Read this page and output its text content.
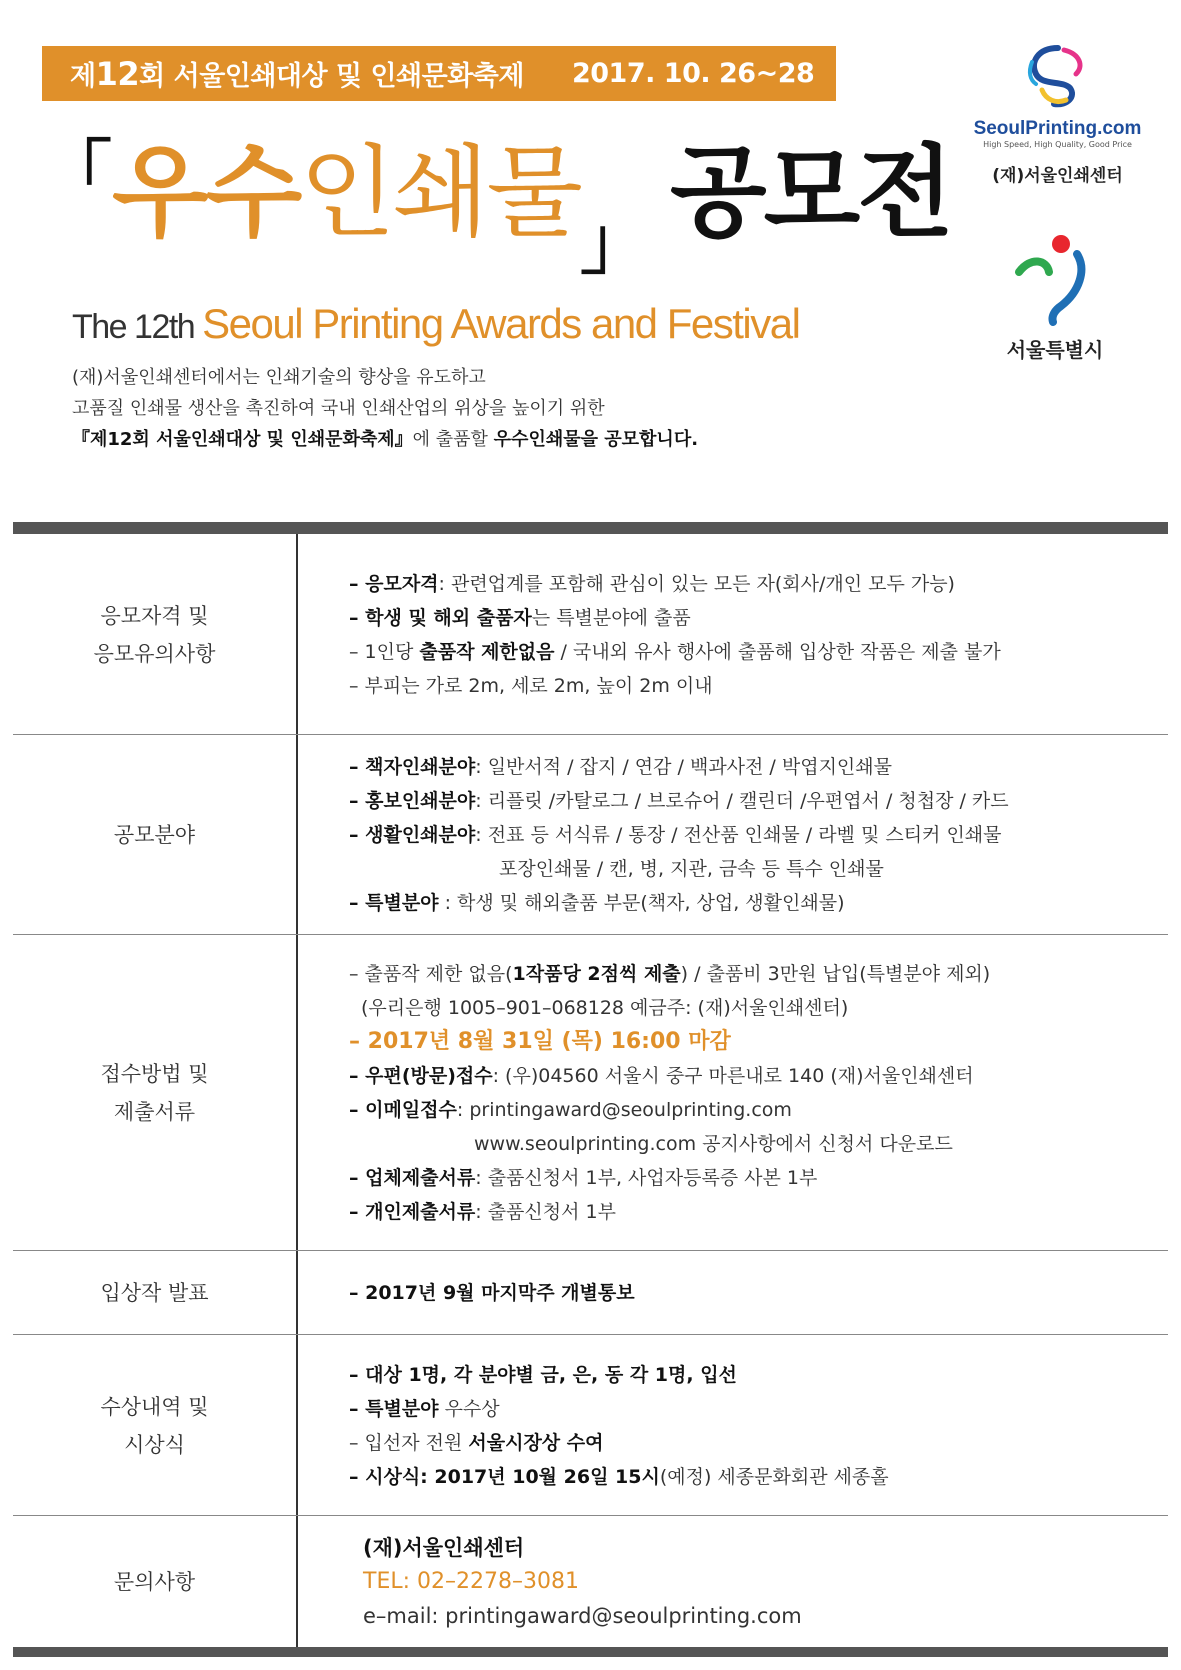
제 12 회 서울인쇄대상 및 인쇄문화축제 2017. 10. 26~28
「 우수 인쇄물 」 공모전
The 12th Seoul Printing Awards and Festival
(재)서울인쇄센터에서는 인쇄기술의 향상을 유도하고
고품질 인쇄물 생산을 촉진하여 국내 인쇄산업의 위상을 높이기 위한
『제12회 서울인쇄대상 및 인쇄문화축제』에 출품할 우수인쇄물을 공모합니다.
SeoulPrinting.com
High Speed, High Quality, Good Price
(재)서울인쇄센터
서울특별시
응모자격 및
응모유의사항
– 응모자격: 관련업계를 포함해 관심이 있는 모든 자(회사/개인 모두 가능)
– 학생 및 해외 출품자는 특별분야에 출품
– 1인당 출품작 제한없음 / 국내외 유사 행사에 출품해 입상한 작품은 제출 불가
– 부피는 가로 2m, 세로 2m, 높이 2m 이내
공모분야
– 책자인쇄분야: 일반서적 / 잡지 / 연감 / 백과사전 / 박엽지인쇄물
– 홍보인쇄분야: 리플릿 /카탈로그 / 브로슈어 / 캘린더 /우편엽서 / 청첩장 / 카드
– 생활인쇄분야: 전표 등 서식류 / 통장 / 전산품 인쇄물 / 라벨 및 스티커 인쇄물
포장인쇄물 / 캔, 병, 지관, 금속 등 특수 인쇄물
– 특별분야 : 학생 및 해외출품 부문(책자, 상업, 생활인쇄물)
접수방법 및
제출서류
– 출품작 제한 없음(1작품당 2점씩 제출) / 출품비 3만원 납입(특별분야 제외)
(우리은행 1005–901–068128 예금주: (재)서울인쇄센터)
– 2017년 8월 31일 (목) 16:00 마감
– 우편(방문)접수: (우)04560 서울시 중구 마른내로 140 (재)서울인쇄센터
– 이메일접수: printingaward@seoulprinting.com
www.seoulprinting.com 공지사항에서 신청서 다운로드
– 업체제출서류: 출품신청서 1부, 사업자등록증 사본 1부
– 개인제출서류: 출품신청서 1부
입상작 발표	– 2017년 9월 마지막주 개별통보
수상내역 및
시상식
– 대상 1명, 각 분야별 금, 은, 동 각 1명, 입선
– 특별분야 우수상
– 입선자 전원 서울시장상 수여
– 시상식: 2017년 10월 26일 15시(예정) 세종문화회관 세종홀
문의사항
(재)서울인쇄센터
TEL: 02–2278–3081
e–mail: printingaward@seoulprinting.com
